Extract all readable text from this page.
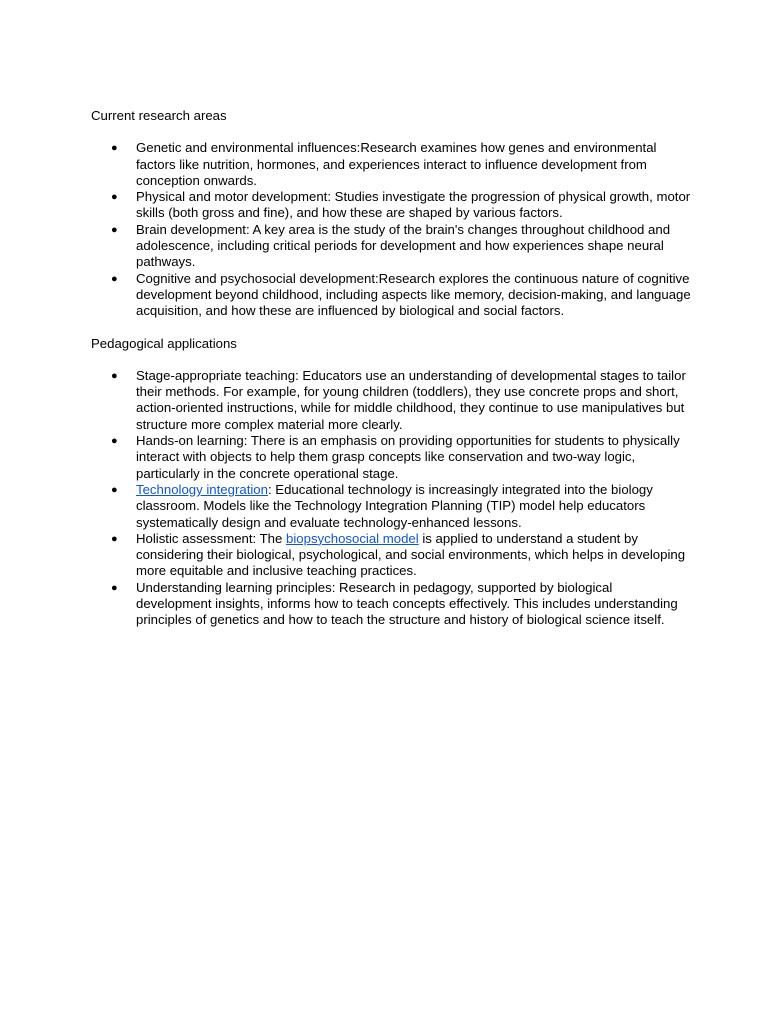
Current research areas

● Genetic and environmental influences:Research examines how genes and environmental factors like nutrition, hormones, and experiences interact to influence development from conception onwards.
● Physical and motor development: Studies investigate the progression of physical growth, motor skills (both gross and fine), and how these are shaped by various factors.
● Brain development: A key area is the study of the brain's changes throughout childhood and adolescence, including critical periods for development and how experiences shape neural pathways.
● Cognitive and psychosocial development:Research explores the continuous nature of cognitive development beyond childhood, including aspects like memory, decision-making, and language acquisition, and how these are influenced by biological and social factors.

Pedagogical applications

● Stage-appropriate teaching: Educators use an understanding of developmental stages to tailor their methods. For example, for young children (toddlers), they use concrete props and short, action-oriented instructions, while for middle childhood, they continue to use manipulatives but structure more complex material more clearly.
● Hands-on learning: There is an emphasis on providing opportunities for students to physically interact with objects to help them grasp concepts like conservation and two-way logic, particularly in the concrete operational stage.
● Technology integration: Educational technology is increasingly integrated into the biology classroom. Models like the Technology Integration Planning (TIP) model help educators systematically design and evaluate technology-enhanced lessons.
● Holistic assessment: The biopsychosocial model is applied to understand a student by considering their biological, psychological, and social environments, which helps in developing more equitable and inclusive teaching practices.
● Understanding learning principles: Research in pedagogy, supported by biological development insights, informs how to teach concepts effectively. This includes understanding principles of genetics and how to teach the structure and history of biological science itself.
